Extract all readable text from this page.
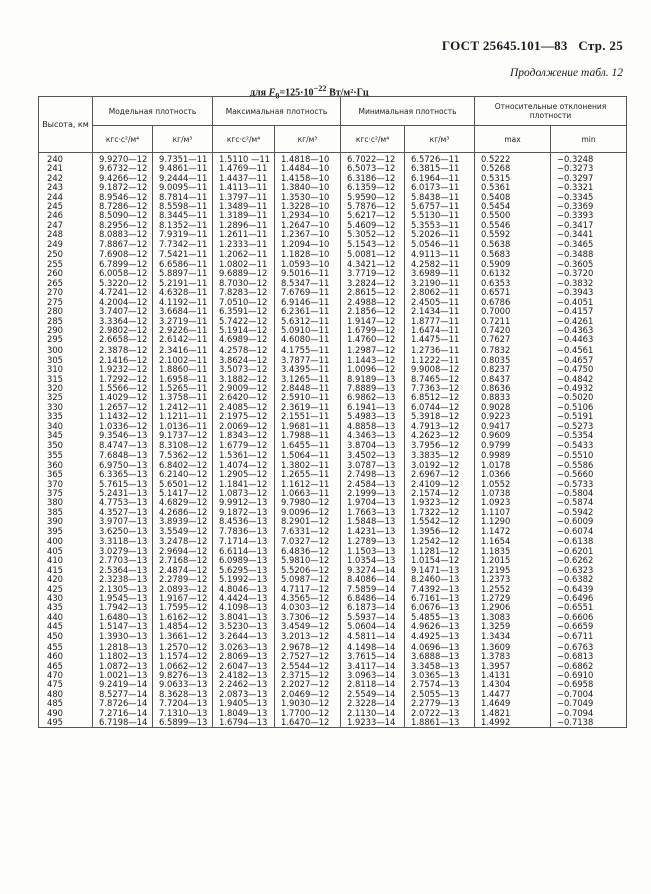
ГОСТ 25645.101—83 Стр. 25
Продолжение табл. 12
для $F_0=125\cdot 10^{-22}$ Вт/м²·Гц
Высота, км	Модельная плотность		Максимальная плотность		Минимальная плотность		Относительные отклонения плотности	
	кгс·с²/м⁴	кг/м³	кгс·с²/м⁴	кг/м³	кгс·с²/м⁴	кг/м³	max	min
240	9.9270—12	9.7351—11	1.5110 —11	1.4818—10	6.7022—12	6.5726—11	0.5222	−0.3248
241	9.6732—12	9.4861—11	1.4769—11	1.4484—10	6.5073—12	6.3815—11	0.5268	−0.3273
242	9.4266—12	9.2444—11	1.4437—11	1.4158—10	6.3186—12	6.1964—11	0.5315	−0.3297
243	9.1872—12	9.0095—11	1.4113—11	1.3840—10	6.1359—12	6.0173—11	0.5361	−0.3321
244	8.9546—12	8.7814—11	1.3797—11	1.3530—10	5.9590—12	5.8438—11	0.5408	−0.3345
245	8.7286—12	8.5598—11	1.3489—11	1.3228—10	5.7876—12	5.6757—11	0.5454	−0.3369
246	8.5090—12	8.3445—11	1.3189—11	1.2934—10	5.6217—12	5.5130—11	0.5500	−0.3393
247	8.2956—12	8.1352—11	1.2896—11	1.2647—10	5.4609—12	5.3553—11	0.5546	−0.3417
248	8.0883—12	7.9319—11	1.2611—11	1.2367—10	5.3052—12	5.2026—11	0.5592	−0.3441
249	7.8867—12	7.7342—11	1.2333—11	1.2094—10	5.1543—12	5.0546—11	0.5638	−0.3465
250	7.6908—12	7.5421—11	1.2062—11	1.1828—10	5.0081—12	4.9113—11	0.5683	−0.3488
255	6.7899—12	6.6586—11	1.0802—11	1.0593—10	4.3421—12	4.2582—11	0.5909	−0.3605
260	6.0058—12	5.8897—11	9.6889—12	9.5016—11	3.7719—12	3.6989—11	0.6132	−0.3720
265	5.3220—12	5.2191—11	8.7030—12	8.5347—11	3.2824—12	3.2190—11	0.6353	−0.3832
270	4.7241—12	4.6328—11	7.8283—12	7.6769—11	2.8615—12	2.8062—11	0.6571	−0.3943
275	4.2004—12	4.1192—11	7.0510—12	6.9146—11	2.4988—12	2.4505—11	0.6786	−0.4051
280	3.7407—12	3.6684—11	6.3591—12	6.2361—11	2.1856—12	2.1434—11	0.7000	−0.4157
285	3.3364—12	3.2719—11	5.7422—12	5.6312—11	1.9147—12	1.8777—11	0.7211	−0.4261
290	2.9802—12	2.9226—11	5.1914—12	5.0910—11	1.6799—12	1.6474—11	0.7420	−0.4363
295	2.6658—12	2.6142—11	4.6989—12	4.6080—11	1.4760—12	1.4475—11	0.7627	−0.4463
300	2.3878—12	2.3416—11	4.2578—12	4.1755—11	1.2987—12	1.2736—11	0.7832	−0.4561
305	2.1416—12	2.1002—11	3.8624—12	3.7877—11	1.1443—12	1.1222—11	0.8035	−0.4657
310	1.9232—12	1.8860—11	3.5073—12	3.4395—11	1.0096—12	9.9008—12	0.8237	−0.4750
315	1.7292—12	1.6958—11	3.1882—12	3.1265—11	8.9189—13	8.7465—12	0.8437	−0.4842
320	1.5566—12	1.5265—11	2.9009—12	2.8448—11	7.8889—13	7.7363—12	0.8636	−0.4932
325	1.4029—12	1.3758—11	2.6420—12	2.5910—11	6.9862—13	6.8512—12	0.8833	−0.5020
330	1.2657—12	1.2412—11	2.4085—12	2.3619—11	6.1941—13	6.0744—12	0.9028	−0.5106
335	1.1432—12	1.1211—11	2.1975—12	2.1551—11	5.4983—13	5.3918—12	0.9223	−0.5191
340	1.0336—12	1.0136—11	2.0069—12	1.9681—11	4.8858—13	4.7913—12	0.9417	−0.5273
345	9.3546—13	9.1737—12	1.8343—12	1.7988—11	4.3463—13	4.2623—12	0.9609	−0.5354
350	8.4747—13	8.3108—12	1.6779—12	1.6455—11	3.8704—13	3.7956—12	0.9799	−0.5433
355	7.6848—13	7.5362—12	1.5361—12	1.5064—11	3.4502—13	3.3835—12	0.9989	−0.5510
360	6.9750—13	6.8402—12	1.4074—12	1.3802—11	3.0787—13	3.0192—12	1.0178	−0.5586
365	6.3365—13	6.2140—12	1.2905—12	1.2655—11	2.7498—13	2.6967—12	1.0366	−0.5660
370	5.7615—13	5.6501—12	1.1841—12	1.1612—11	2.4584—13	2.4109—12	1.0552	−0.5733
375	5.2431—13	5.1417—12	1.0873—12	1.0663—11	2.1999—13	2.1574—12	1.0738	−0.5804
380	4.7753—13	4.6829—12	9.9912—13	9.7980—12	1.9704—13	1.9323—12	1.0923	−0.5874
385	4.3527—13	4.2686—12	9.1872—13	9.0096—12	1.7663—13	1.7322—12	1.1107	−0.5942
390	3.9707—13	3.8939—12	8.4536—13	8.2901—12	1.5848—13	1.5542—12	1.1290	−0.6009
395	3.6250—13	3.5549—12	7.7836—13	7.6331—12	1.4231—13	1.3956—12	1.1472	−0.6074
400	3.3118—13	3.2478—12	7.1714—13	7.0327—12	1.2789—13	1.2542—12	1.1654	−0.6138
405	3.0279—13	2.9694—12	6.6114—13	6.4836—12	1.1503—13	1.1281—12	1.1835	−0.6201
410	2.7703—13	2.7168—12	6.0989—13	5.9810—12	1.0354—13	1.0154—12	1.2015	−0.6262
415	2.5364—13	2.4874—12	5.6295—13	5.5206—12	9.3274—14	9.1471—13	1.2195	−0.6323
420	2.3238—13	2.2789—12	5.1992—13	5.0987—12	8.4086—14	8.2460—13	1.2373	−0.6382
425	2.1305—13	2.0893—12	4.8046—13	4.7117—12	7.5859—14	7.4392—13	1.2552	−0.6439
430	1.9545—13	1.9167—12	4.4424—13	4.3565—12	6.8486—14	6.7161—13	1.2729	−0.6496
435	1.7942—13	1.7595—12	4.1098—13	4.0303—12	6.1873—14	6.0676—13	1.2906	−0.6551
440	1.6480—13	1.6162—12	3.8041—13	3.7306—12	5.5937—14	5.4855—13	1.3083	−0.6606
445	1.5147—13	1.4854—12	3.5230—13	3.4549—12	5.0604—14	4.9626—13	1.3259	−0.6659
450	1.3930—13	1.3661—12	3.2644—13	3.2013—12	4.5811—14	4.4925—13	1.3434	−0.6711
455	1.2818—13	1.2570—12	3.0263—13	2.9678—12	4.1498—14	4.0696—13	1.3609	−0.6763
460	1.1802—13	1.1574—12	2.8069—13	2.7527—12	3.7615—14	3.6888—13	1.3783	−0.6813
465	1.0872—13	1.0662—12	2.6047—13	2.5544—12	3.4117—14	3.3458—13	1.3957	−0.6862
470	1.0021—13	9.8276—13	2.4182—13	2.3715—12	3.0963—14	3.0365—13	1.4131	−0.6910
475	9.2419—14	9.0633—13	2.2462—13	2.2027—12	2.8118—14	2.7574—13	1.4304	−0.6958
480	8.5277—14	8.3628—13	2.0873—13	2.0469—12	2.5549—14	2.5055—13	1.4477	−0.7004
485	7.8726—14	7.7204—13	1.9405—13	1.9030—12	2.3228—14	2.2779—13	1.4649	−0.7049
490	7.2716—14	7.1310—13	1.8049—13	1.7700—12	2.1130—14	2.0722—13	1.4821	−0.7094
495	6.7198—14	6.5899—13	1.6794—13	1.6470—12	1.9233—14	1.8861—13	1.4992	−0.7138
